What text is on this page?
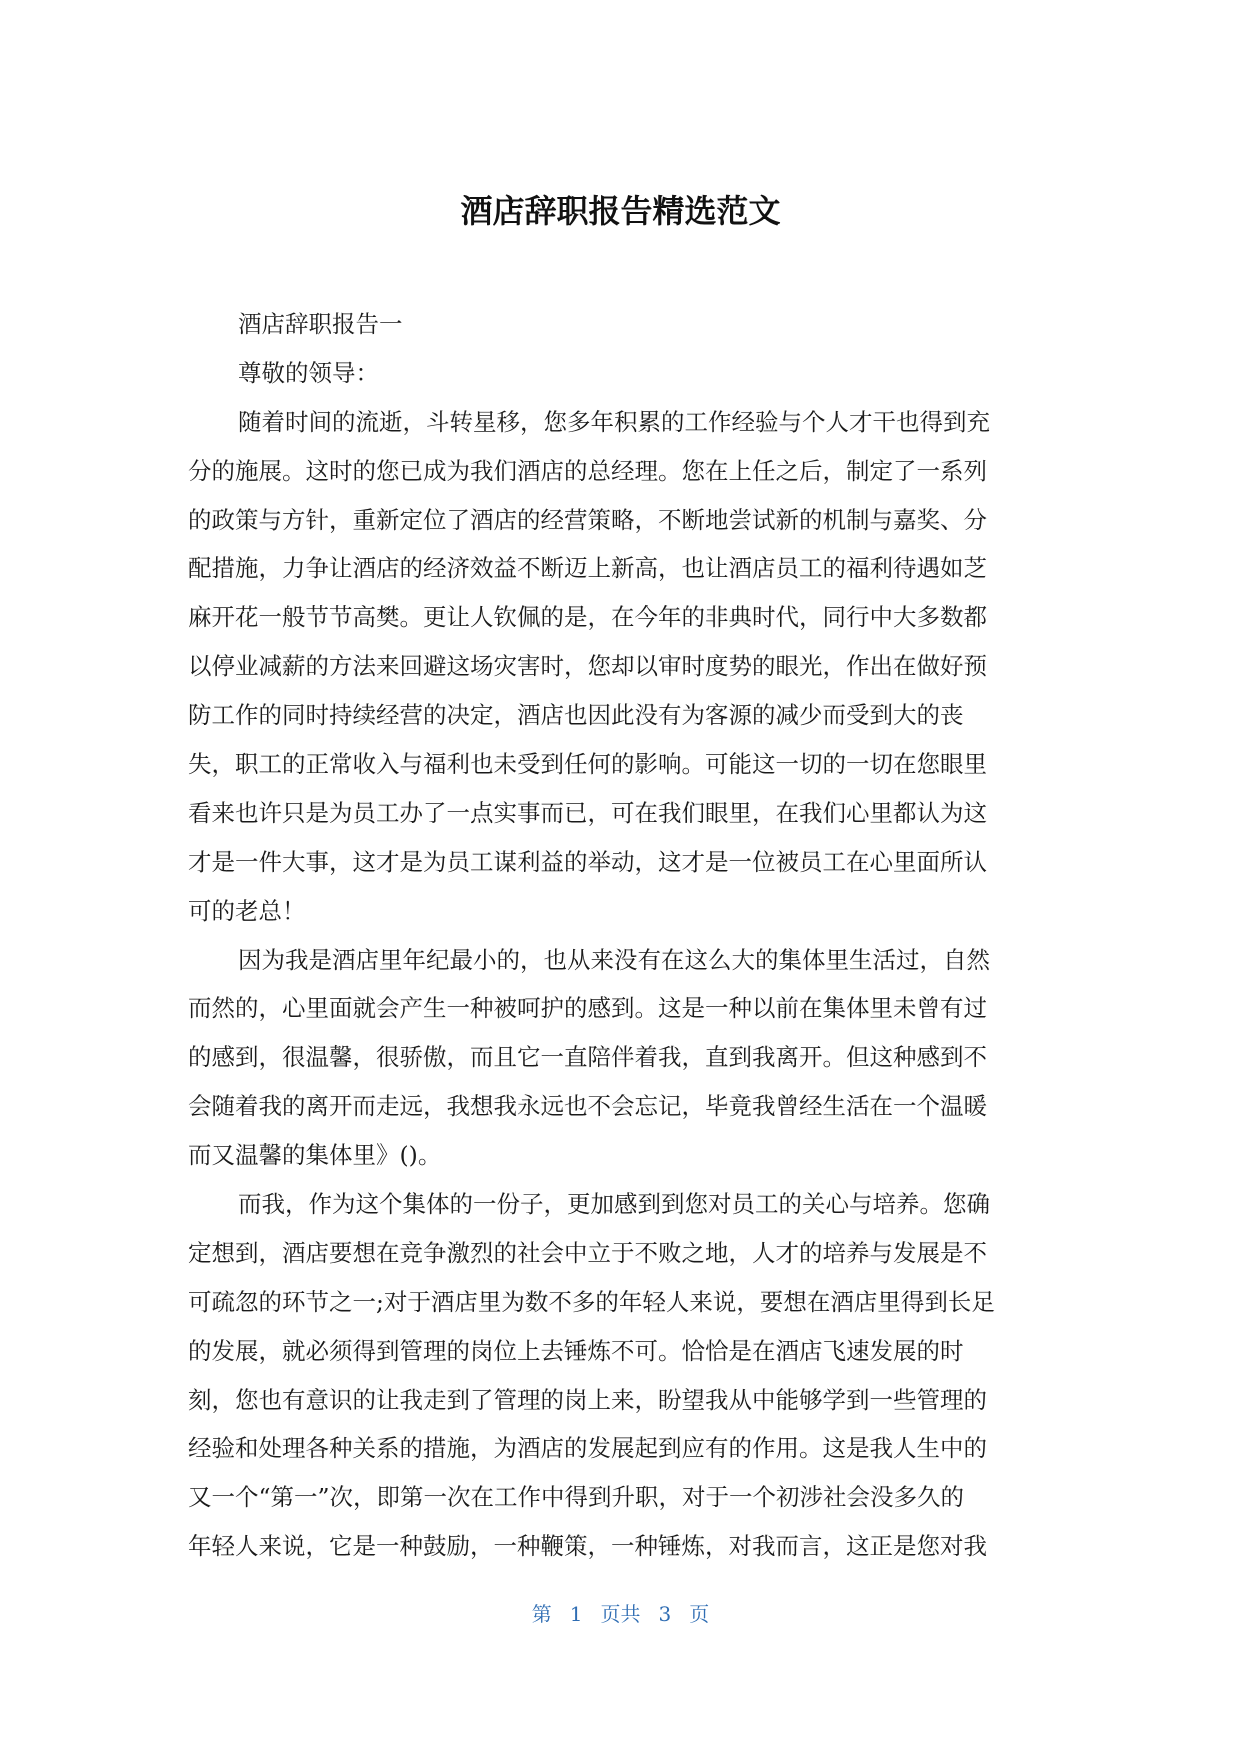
酒店辞职报告精选范文
酒店辞职报告一
尊敬的领导：
随着时间的流逝，斗转星移，您多年积累的工作经验与个人才干也得到充
分的施展。这时的您已成为我们酒店的总经理。您在上任之后，制定了一系列
的政策与方针，重新定位了酒店的经营策略，不断地尝试新的机制与嘉奖、分
配措施，力争让酒店的经济效益不断迈上新高，也让酒店员工的福利待遇如芝
麻开花一般节节高樊。更让人钦佩的是，在今年的非典时代，同行中大多数都
以停业减薪的方法来回避这场灾害时，您却以审时度势的眼光，作出在做好预
防工作的同时持续经营的决定，酒店也因此没有为客源的减少而受到大的丧
失，职工的正常收入与福利也未受到任何的影响。可能这一切的一切在您眼里
看来也许只是为员工办了一点实事而已，可在我们眼里，在我们心里都认为这
才是一件大事，这才是为员工谋利益的举动，这才是一位被员工在心里面所认
可的老总！
因为我是酒店里年纪最小的，也从来没有在这么大的集体里生活过，自然
而然的，心里面就会产生一种被呵护的感到。这是一种以前在集体里未曾有过
的感到，很温馨，很骄傲，而且它一直陪伴着我，直到我离开。但这种感到不
会随着我的离开而走远，我想我永远也不会忘记，毕竟我曾经生活在一个温暖
而又温馨的集体里》()。
而我，作为这个集体的一份子，更加感到到您对员工的关心与培养。您确
定想到，酒店要想在竞争激烈的社会中立于不败之地，人才的培养与发展是不
可疏忽的环节之一;对于酒店里为数不多的年轻人来说，要想在酒店里得到长足
的发展，就必须得到管理的岗位上去锤炼不可。恰恰是在酒店飞速发展的时
刻，您也有意识的让我走到了管理的岗上来，盼望我从中能够学到一些管理的
经验和处理各种关系的措施，为酒店的发展起到应有的作用。这是我人生中的
又一个“第一”次，即第一次在工作中得到升职，对于一个初涉社会没多久的
年轻人来说，它是一种鼓励，一种鞭策，一种锤炼，对我而言，这正是您对我
第 1 页共 3 页
